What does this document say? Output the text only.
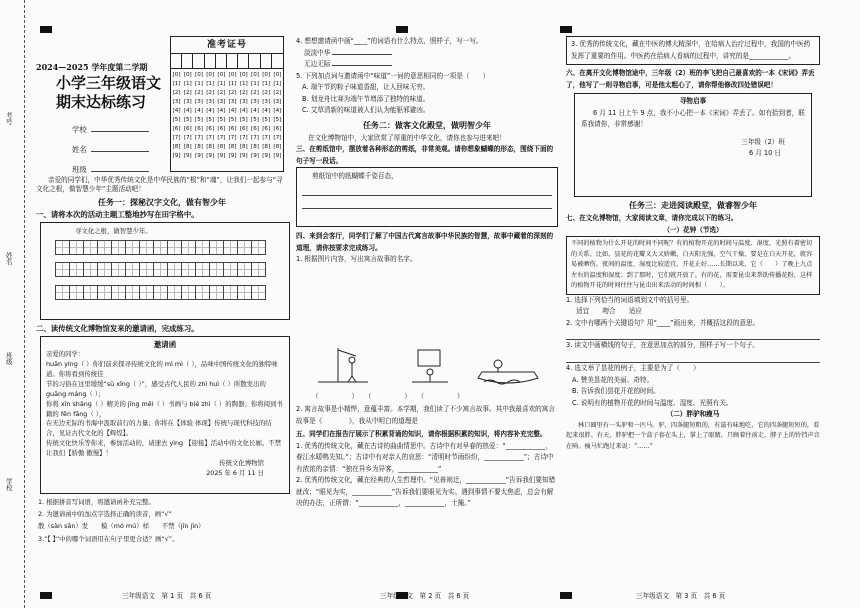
考号
姓名
班级
学校
2024—2025 学年度第二学期
小学三年级语文
期末达标练习
学校
姓名
班级
准考证号
[0] [0] [0] [0] [0] [0] [0] [0] [0] [0]
[1] [1] [1] [1] [1] [1] [1] [1] [1] [1]
[2] [2] [2] [2] [2] [2] [2] [2] [2] [2]
[3] [3] [3] [3] [3] [3] [3] [3] [3] [3]
[4] [4] [4] [4] [4] [4] [4] [4] [4] [4]
[5] [5] [5] [5] [5] [5] [5] [5] [5] [5]
[6] [6] [6] [6] [6] [6] [6] [6] [6] [6]
[7] [7] [7] [7] [7] [7] [7] [7] [7] [7]
[8] [8] [8] [8] [8] [8] [8] [8] [8] [8]
[9] [9] [9] [9] [9] [9] [9] [9] [9] [9]
亲爱的同学们，中华优秀传统文化是中华民族的“根”和“魂”，让我们一起参与“寻文化之根，做智慧少年”主题活动吧！
任务一：探秘汉字文化，做有智少年
一、请将本次的活动主题工整地抄写在田字格中。
寻文化之根，做智慧少年。
二、读传统文化博物馆发来的邀请函，完成练习。
邀请函
亲爱的同学：
huān yíng（ ）你们前来探寻传统文化的 mì mì（ ），品味中国传统文化的独特味道。你将看到传统佳
节的习俗在这里缓缓“sū xǐng（ ）”，感受古代人民的 zhì huì（ ）所散发出的 guāng máng（ ）；
你将 xīn shǎng（ ）精美的 jīng měi（ ）书画与 bié zhì（ ）的陶器；你将阅到书籍的 fēn fāng（ ），
在无边无际的书海中汲取前行的力量；你将在【体验 体现】传统与现代科技的结合，见证古代文化的【辉煌】。
传统文化快乐等你来，参加活动的，请速去 yìng 【迎接】活动中的文化长廊。不禁让我们【骄傲 傲慢】！
传统文化博物馆
2025 年 6 月 11 日
1. 根据拼音写词语，将邀请函补充完整。
2. 为邀请函中的加点字选择正确的读音，画“√”
散（sàn sǎn）发　　模（mó mú）样　　不禁（jīn jìn）
3.“【 】”中的哪个词语用在句子里更合适？画“√”。
三年级语文　第 1 页　共 6 页
4. 想想邀请函中画“____”的词语有什么特点，照样子，写一写。
淡淡中华
无边无际
5. 下列加点词与邀请函中“味道”一词的意思相同的一项是（　　）
A. 端午节的粽子味道香甜，让人回味无穷。
B. 划龙舟比赛为端午节增添了独特的味道。
C. 艾草清新的味道被人们认为能驱邪避凶。
任务二：做客文化殿堂，做明智少年
在文化博物馆中，大家欣赏了厚重的中华文化，请你也参与进来吧！
三、在剪纸馆中，摆放着各种形态的剪纸，非常美观。请你想象蝴蝶的形态，围绕下面的句子写一段话。
剪纸馆中的纸蝴蝶千姿百态，
四、来到会客厅，同学们了解了中国古代寓言故事中华民族的智慧，故事中藏着的深刻的道理，请你按要求完成练习。
1. 根据图片内容，写出寓言故事的名字。
（　　　　　）　　（　　　　　）　　（　　　　　）
2. 寓言故事是小精悍，意蕴丰富。本学期，我们读了不少寓言故事。其中我最喜欢的寓言故事是《　　　　》，我从中明白的道理是
五、同学们在报告厅展示了积累背诵的知识，请你根据积累的知识，将内容补充完整。
1. 优秀的传统文化，藏在古诗的曲曲情思中。古诗中有对早春的热爱：“____________，春江水暖鸭先知。”；古诗中有对亲人的哀思：“清明时节雨纷纷，____________”；古诗中有浓浓的亲情：“独在异乡为异客，____________”
2. 优秀的传统文化，藏在经典的人生哲理中。“见善则迁，____________”告诉我们要知错就改；“眼见为实，____________”告诉我们要眼见为实。遇到事情不要太焦虑，总会有解决的办法，正所谓：“____________，____________，土掩。”
三年级语文　第 2 页　共 6 页
3. 优秀的传统文化，藏在中医的博大精深中，在给病人治疗过程中，我国的中医药发挥了重要的作用。中医药在给病人看病的过程中，讲究的是____________。
六、在离开文化博物馆途中，三年级（2）班的李飞把自己最喜欢的一本《宋词》弄丢了，他写了一则寻物启事，可是他太粗心了，请你帮他修改四处错误吧！
寻物启事
6 月 11 日上午 9 点，我不小心把一本《宋词》弄丢了。如有拾到者，联系我请你，非常感谢！
三年级（2）班
6 月 10 日
任务三：走进阅读殿堂，做睿智少年
七、在文化博物馆，大家阅读文章，请你完成以下的练习。
（一）花钟（节选）
不同的植物为什么开花的时间不同呢？有的植物开花的时间与温度、湿度、光照有着密切的关系。比如，昙花的花瓣又大又娇嫩，白天阳光强，空气干燥，要是在白天开花，就容易被晒伤。夜间的温度、湿度比较适宜，开花正好……长期以来，它（　　）了晚上九点左右的温度和湿度；到了那时，它们就开放了。有的花，需要昆虫来帮助传播花粉，这样的植物开花的时间往往与昆虫出来活动的时间相（　　）。
1. 选择下列恰当的词语填到文中的括号里。
适宜　　吻合　　适应
2. 文中有哪两个关键语句？用“____”画出来，并概括这段的意思。
3. 读文中画横线的句子，在意思加点的部分，照样子写一个句子。
4. 选文举了昙花的例子，主要是为了（　　）
A. 赞美昙花的美丽、奇特。
B. 告诉我们昙花开花的时间。
C. 说明有的植物开花的时间与温度、湿度、光照有关。
（二）胖驴和瘦马
林口圈里有一头驴和一匹马。驴，四条腿短粗的，有滋有味地吃，它的四条腿短短的，看起来很胖。有天，胖驴把一个盒子套在头上，掌上了眼睛，只顾着往前走，脖子上的铃铛声音在响。瘦马忙跑过来说：“……”
三年级语文　第 3 页　共 6 页
